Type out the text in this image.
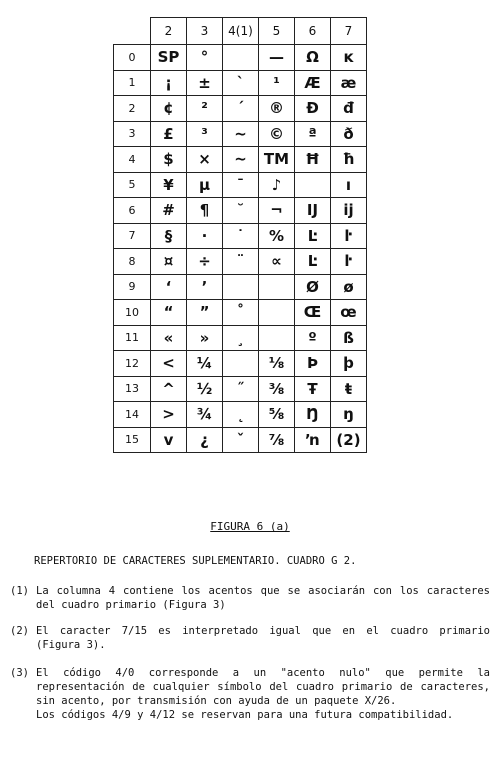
	2	3	4(1)	5	6	7
0	SP	°		—	Ω	ĸ
1	¡	±	`	¹	Æ	æ
2	¢	²	´	®	Đ	đ
3	£	³	~	©	ª	ð
4	$	×	~	TM	Ħ	ħ
5	¥	µ	¯	♪		ı
6	#	¶	˘	¬	Ĳ	ĳ
7	§	·	˙	%	Ŀ	ŀ
8	¤	÷	¨	∝	Ŀ	ŀ
9	‘	’			Ø	ø
10	“	”	˚		Œ	œ
11	«	»	¸		º	ß
12	<	¼		⅛	Þ	þ
13	^	½	˝	⅜	Ŧ	ŧ
14	>	¾	˛	⅝	Ŋ	ŋ
15	v	¿	ˇ	⅞	ŉ	(2)
FIGURA 6 (a)
REPERTORIO DE CARACTERES SUPLEMENTARIO. CUADRO G 2.
(1) La columna 4 contiene los acentos que se asociarán con los caracteres del cuadro primario (Figura 3)
(2) El caracter 7/15 es interpretado igual que en el cuadro primario (Figura 3).
(3) El código 4/0 corresponde a un "acento nulo" que permite la representación de cualquier símbolo del cuadro primario de caracteres, sin acento, por transmisión con ayuda de un paquete X/26.
Los códigos 4/9 y 4/12 se reservan para una futura compatibilidad.
